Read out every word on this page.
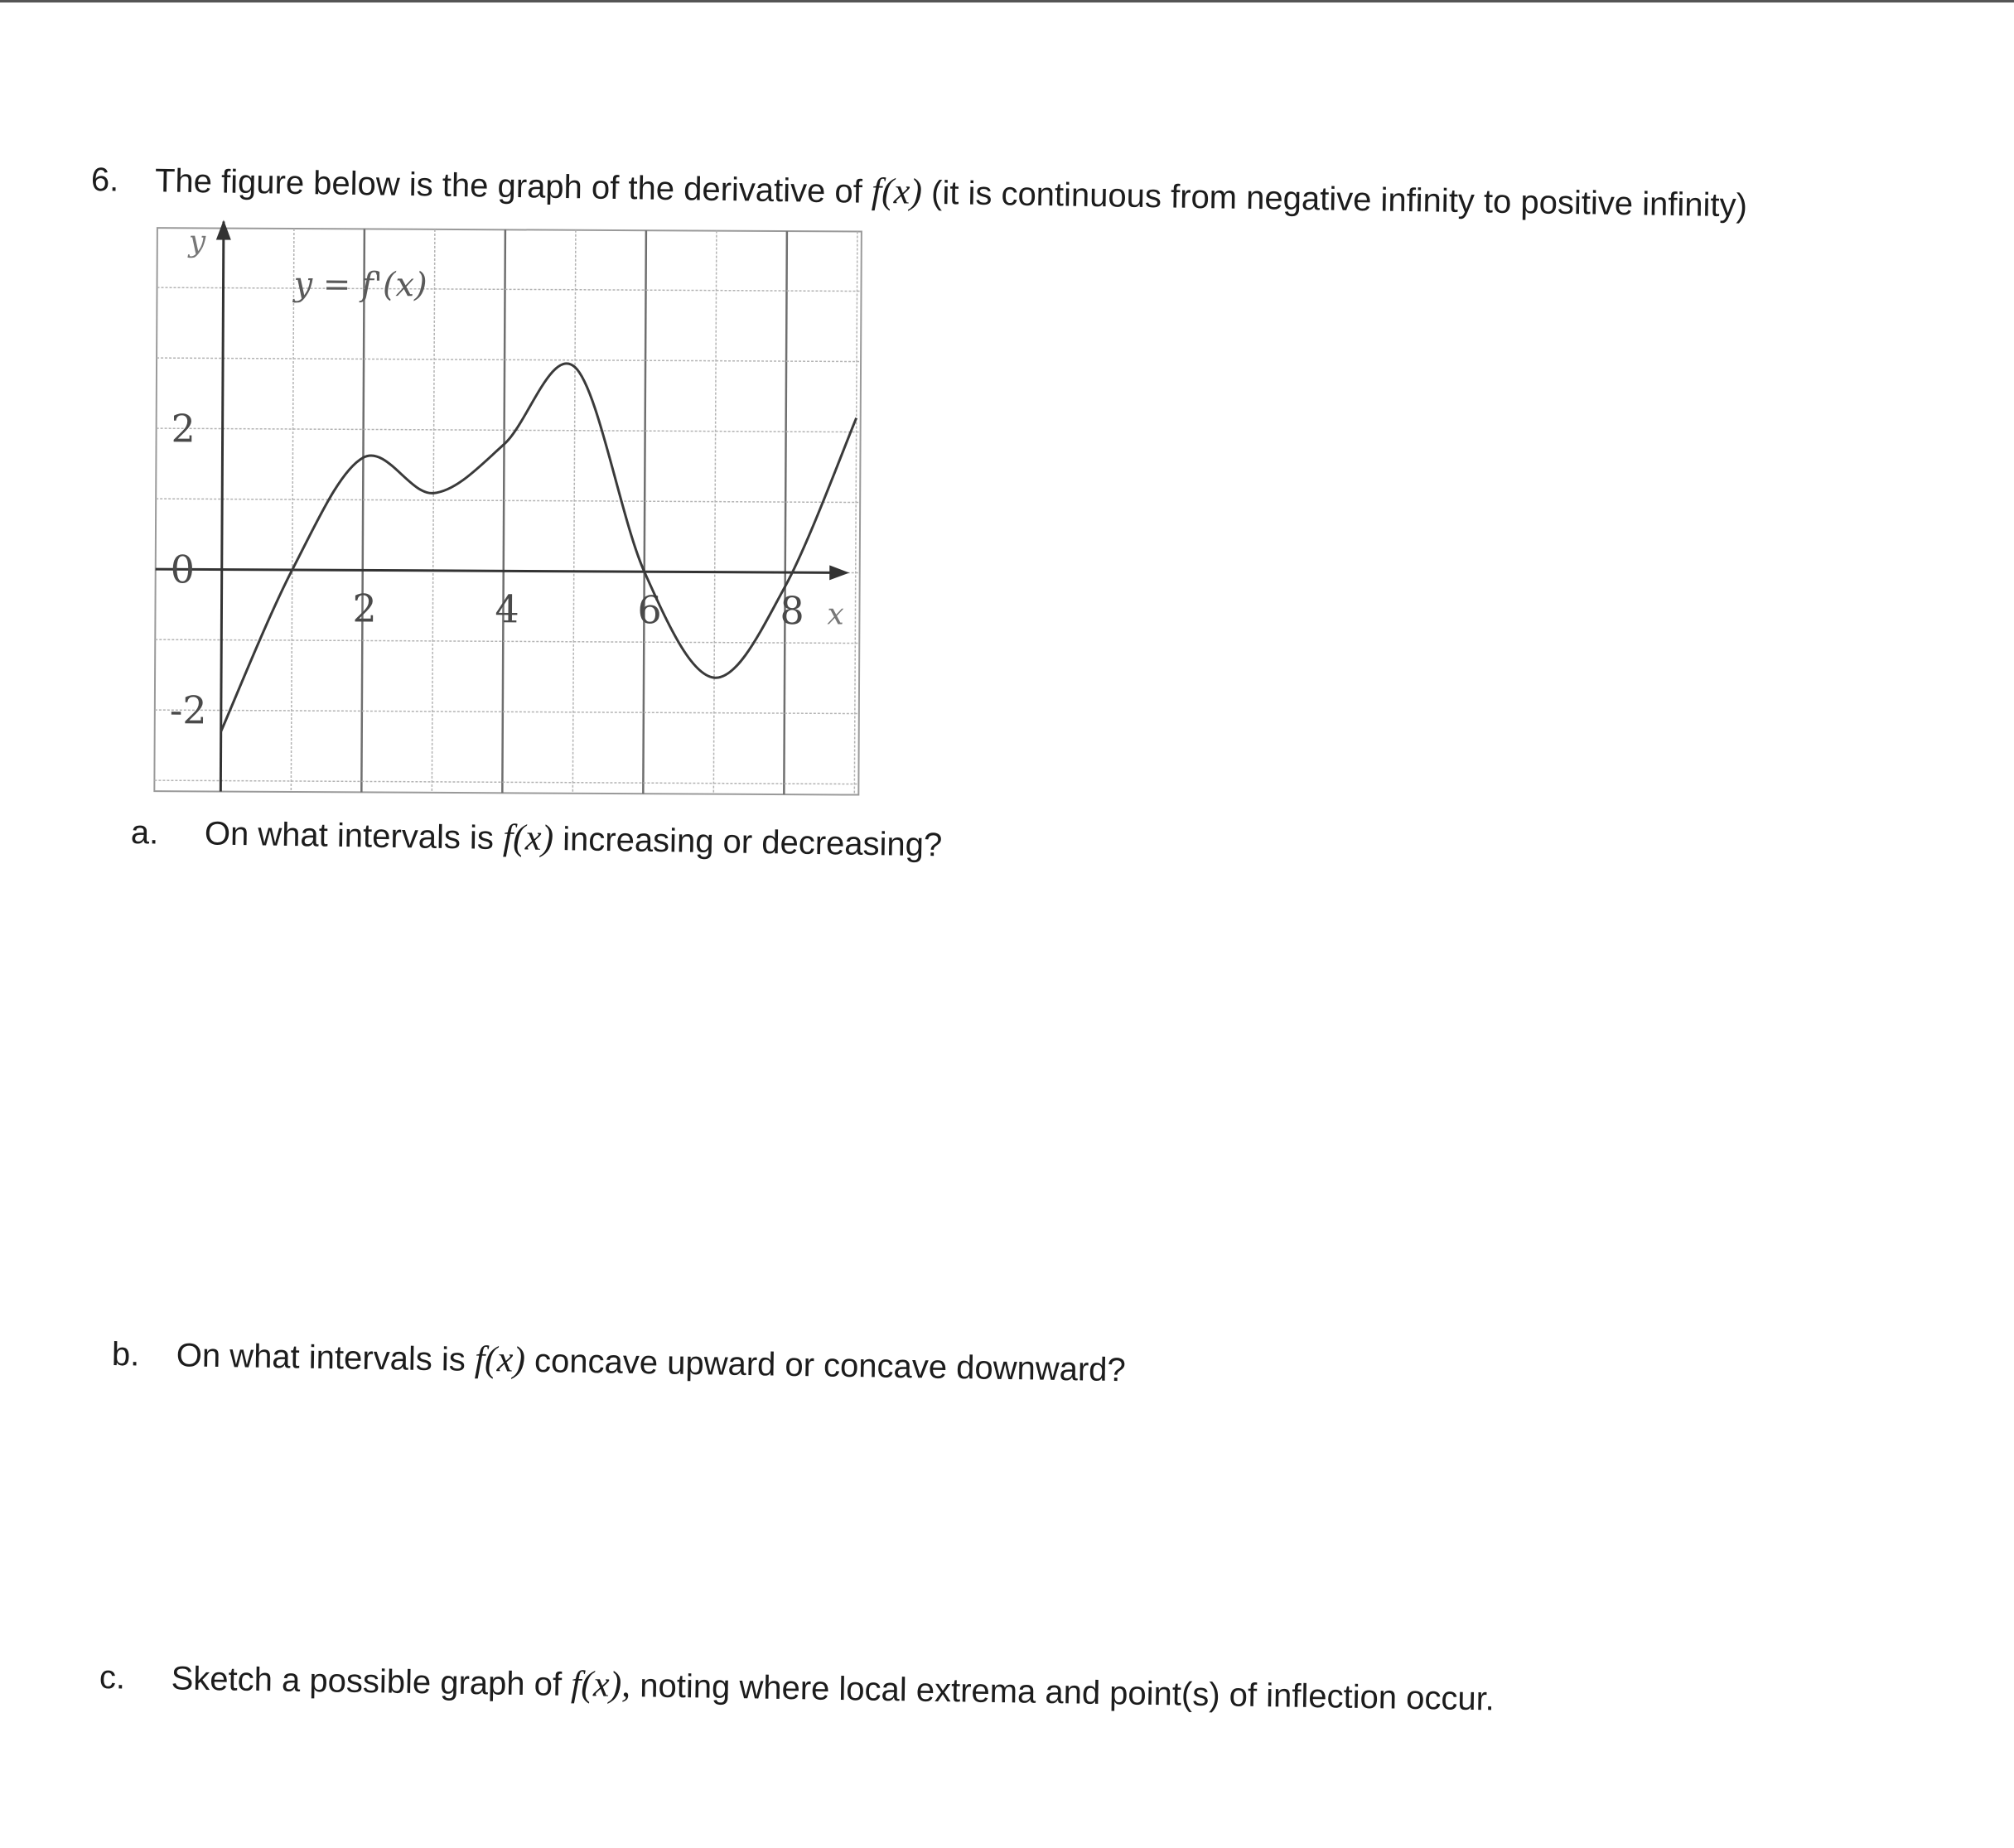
6. The figure below is the graph of the derivative of f(x) (it is continuous from negative infinity to positive infinity)
y
x
2	4	6	8
2
0
-2
y = f'(x)
a. On what intervals is f(x) increasing or decreasing?
b. On what intervals is f(x) concave upward or concave downward?
c. Sketch a possible graph of f(x), noting where local extrema and point(s) of inflection occur.
